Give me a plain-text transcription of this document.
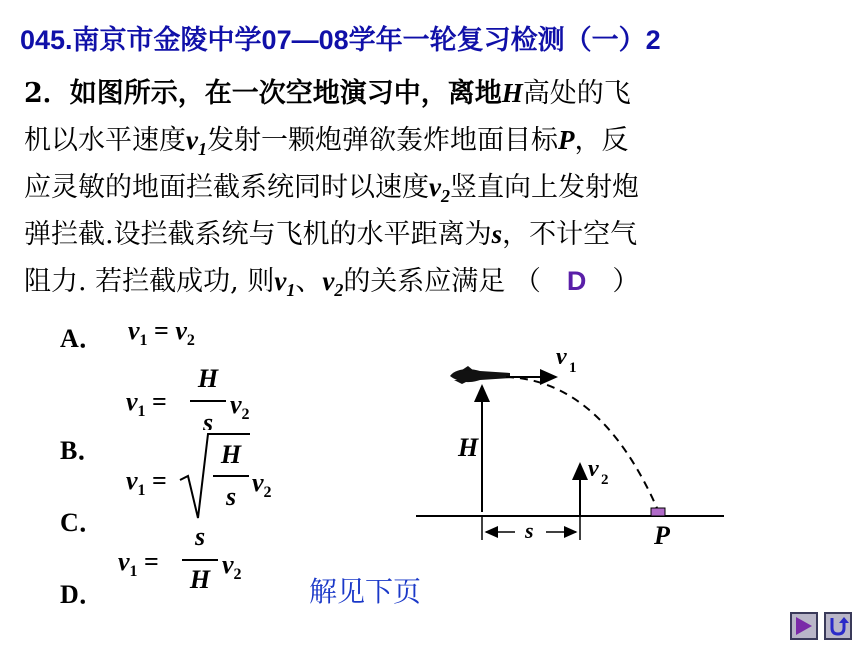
045.南京市金陵中学07—08学年一轮复习检测（一）2
2．如图所示，在一次空地演习中，离地H高处的飞
机以水平速度$v_1$发射一颗炮弹欲轰炸地面目标P，反
应灵敏的地面拦截系统同时以速度$v_2$竖直向上发射炮
弹拦截.设拦截系统与飞机的水平距离为s，不计空气
阻力. 若拦截成功, 则$v_1$、$v_2$的关系应满足 （ D ）
A． $v_1 = v_2$
B．
$v_1$ =
H
s
$v_2$
C．
$v_1$ =
H
s $v_2$
D．
$v_1$ =
s
H
$v_2$
v 1
H
v 2
s	P
解见下页
